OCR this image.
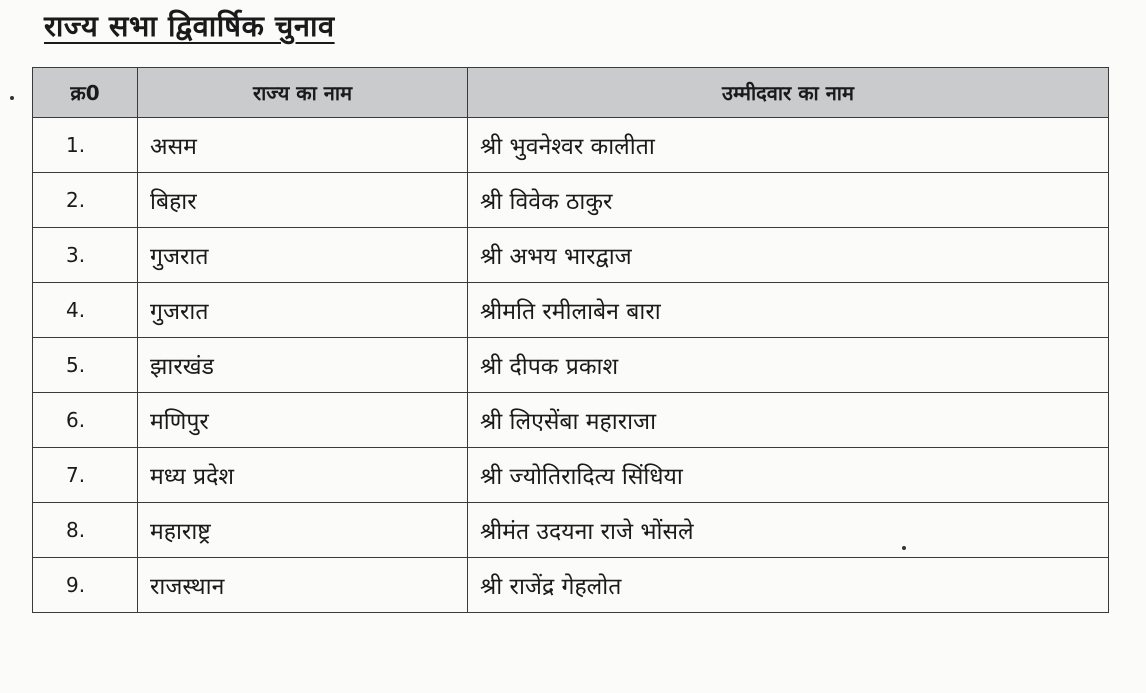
राज्य सभा द्विवार्षिक चुनाव
क्र0	राज्य का नाम	उम्मीदवार का नाम
1.	असम	श्री भुवनेश्वर कालीता
2.	बिहार	श्री विवेक ठाकुर
3.	गुजरात	श्री अभय भारद्वाज
4.	गुजरात	श्रीमति रमीलाबेन बारा
5.	झारखंड	श्री दीपक प्रकाश
6.	मणिपुर	श्री लिएसेंबा महाराजा
7.	मध्य प्रदेश	श्री ज्योतिरादित्य सिंधिया
8.	महाराष्ट्र	श्रीमंत उदयना राजे भोंसले
9.	राजस्थान	श्री राजेंद्र गेहलोत
